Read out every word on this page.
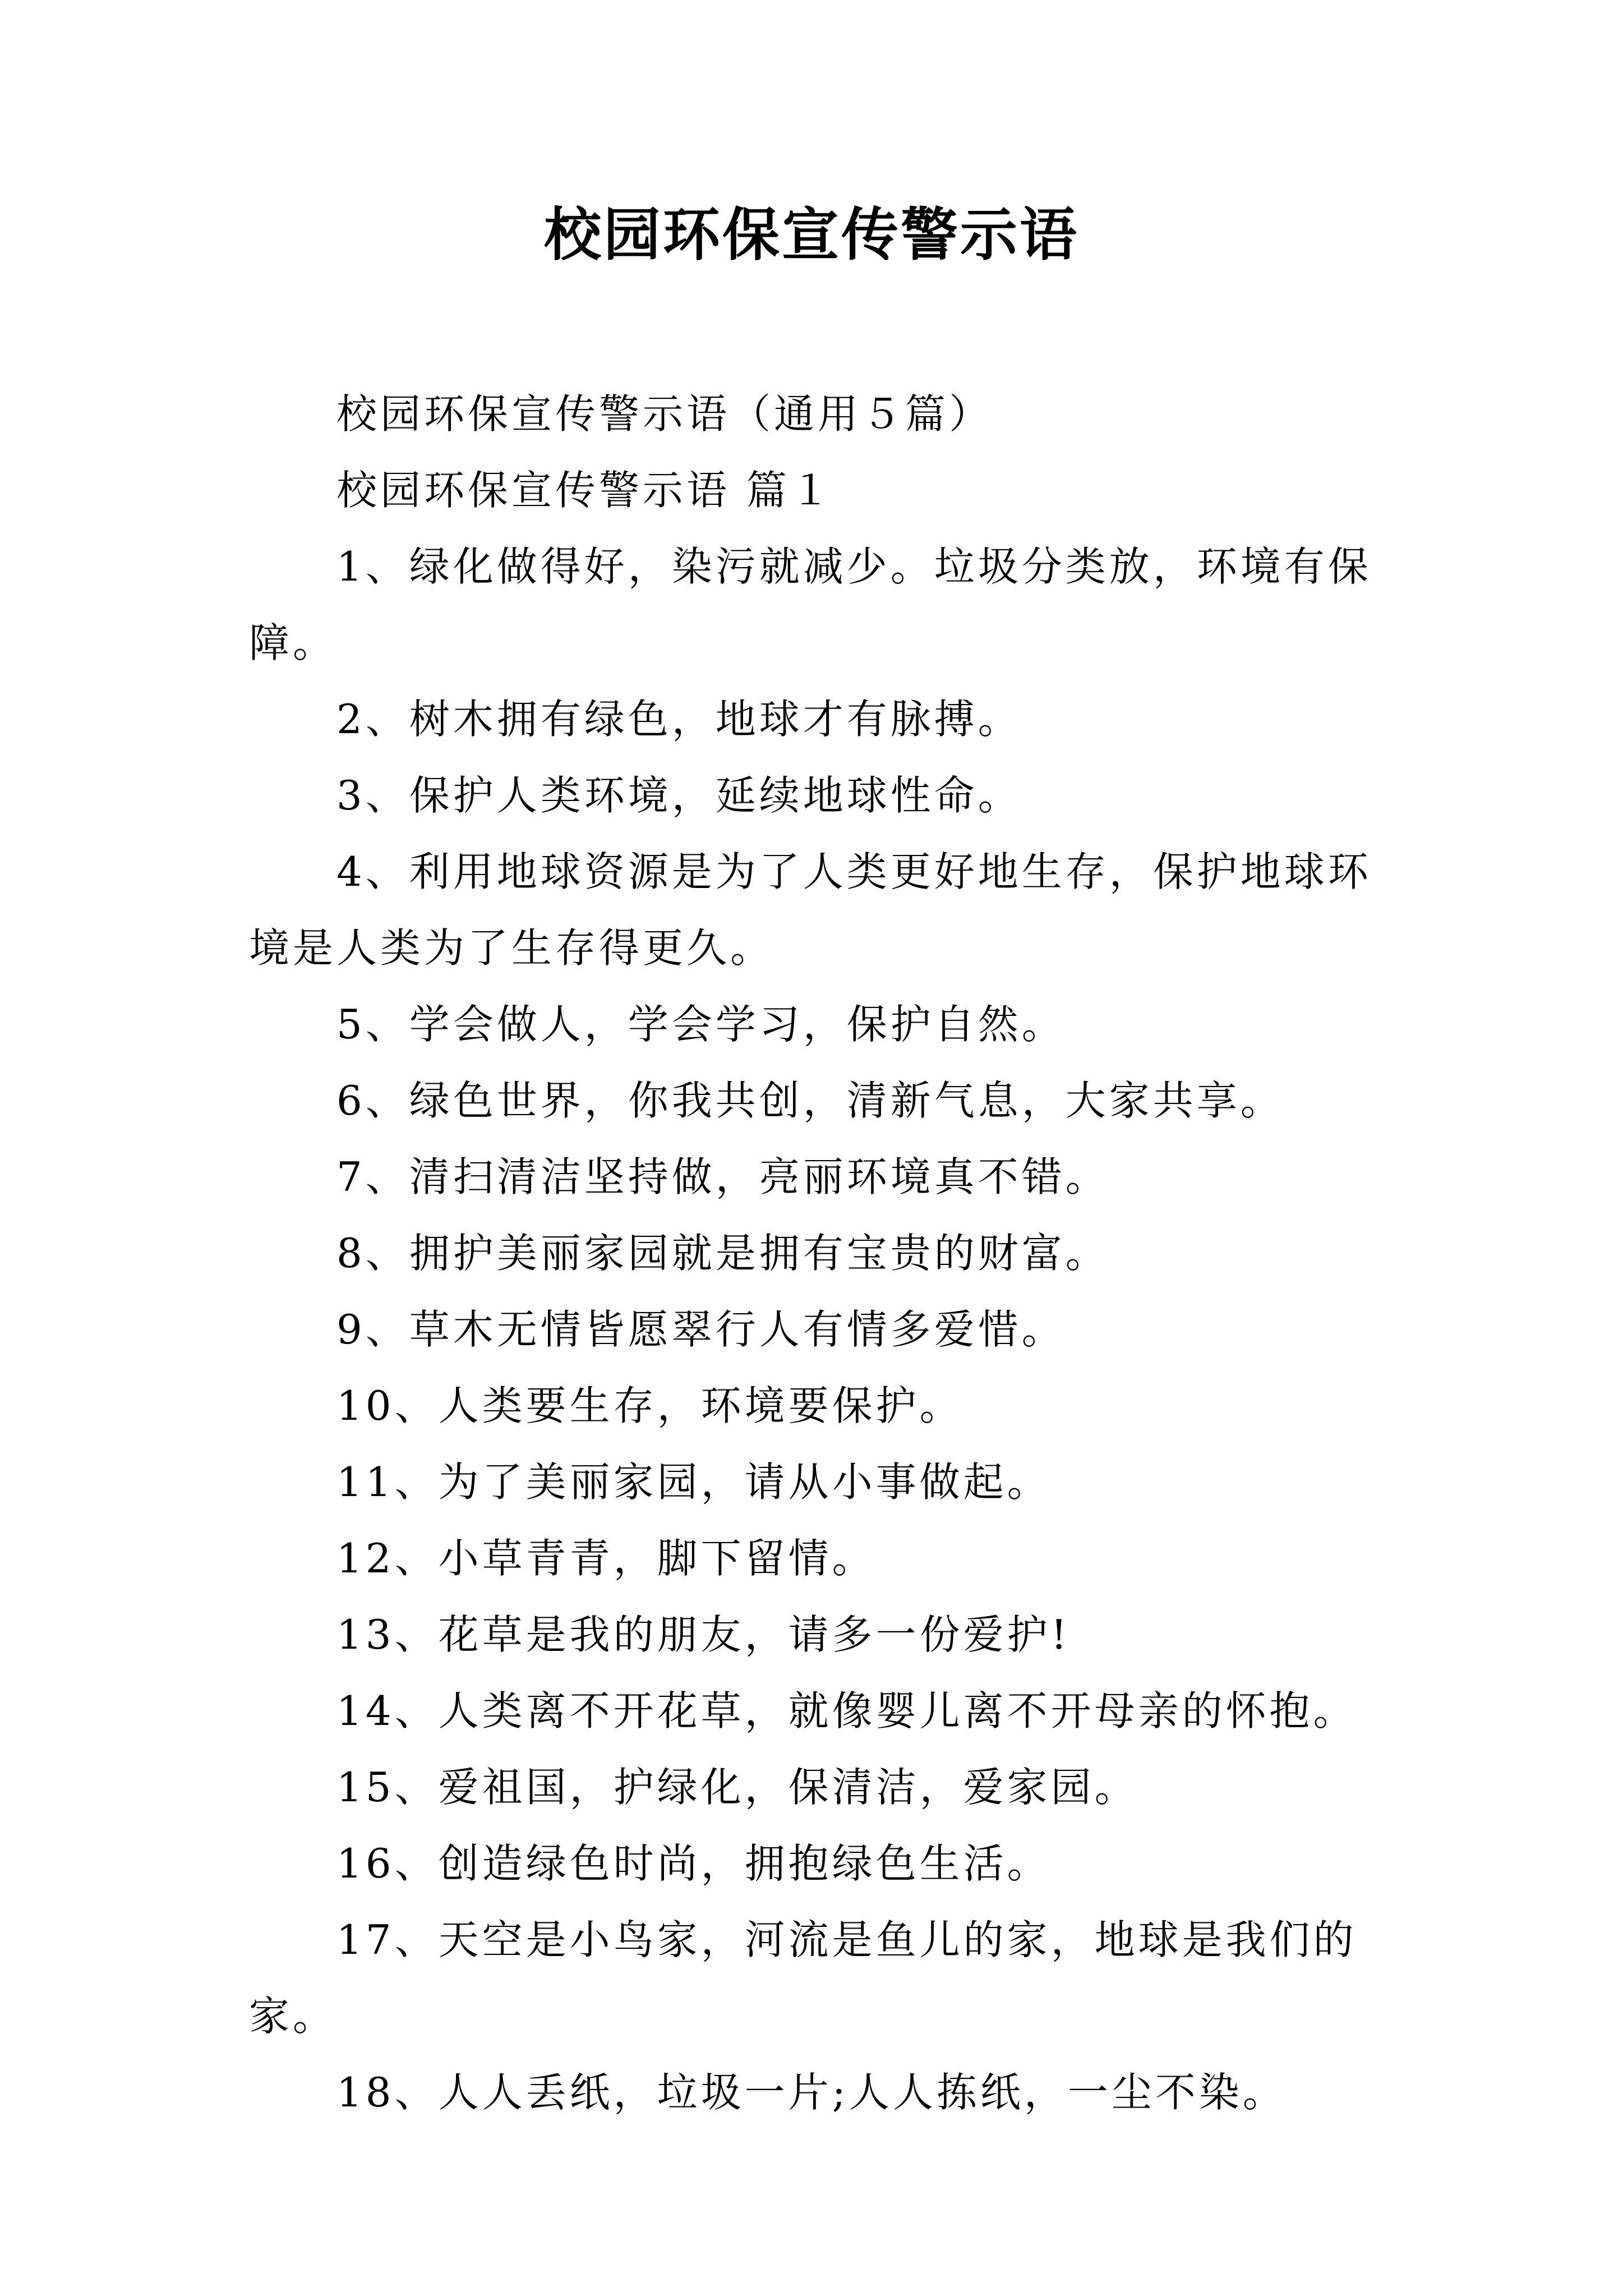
校园环保宣传警示语

校园环保宣传警示语（通用５篇）

校园环保宣传警示语 篇１

1、绿化做得好，染污就减少。垃圾分类放，环境有保障。

2、树木拥有绿色，地球才有脉搏。

3、保护人类环境，延续地球性命。

4、利用地球资源是为了人类更好地生存，保护地球环境是人类为了生存得更久。

5、学会做人，学会学习，保护自然。

6、绿色世界，你我共创，清新气息，大家共享。

7、清扫清洁坚持做，亮丽环境真不错。

8、拥护美丽家园就是拥有宝贵的财富。

9、草木无情皆愿翠行人有情多爱惜。

10、人类要生存，环境要保护。

11、为了美丽家园，请从小事做起。

12、小草青青，脚下留情。

13、花草是我的朋友，请多一份爱护!

14、人类离不开花草，就像婴儿离不开母亲的怀抱。

15、爱祖国，护绿化，保清洁，爱家园。

16、创造绿色时尚，拥抱绿色生活。

17、天空是小鸟家，河流是鱼儿的家，地球是我们的家。

18、人人丢纸，垃圾一片;人人拣纸，一尘不染。
